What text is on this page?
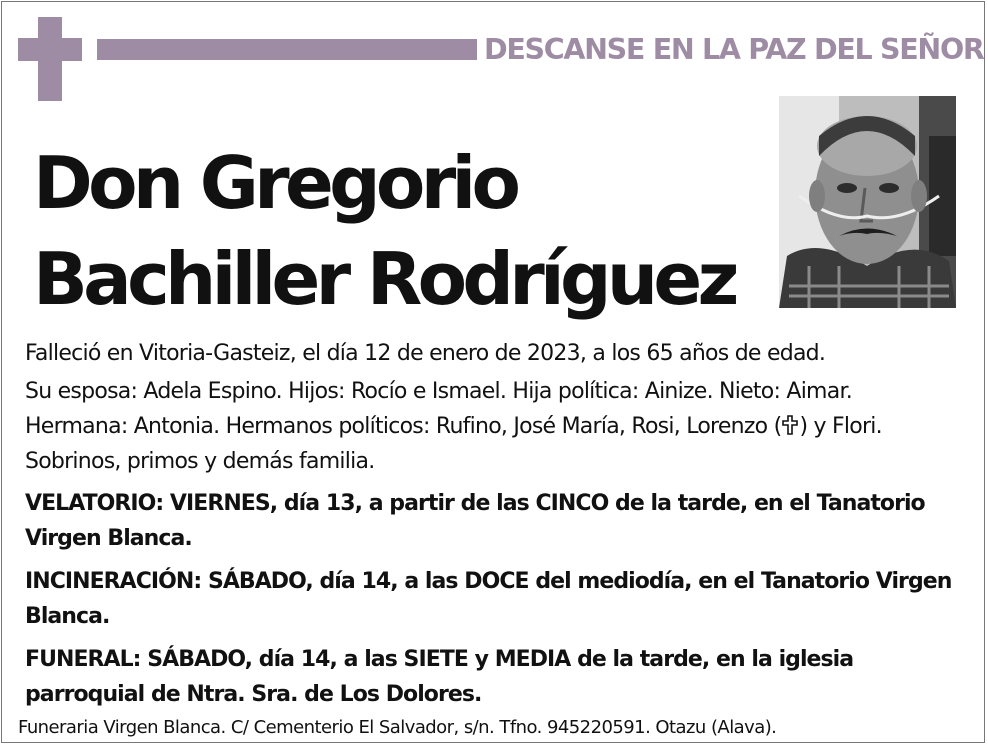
DESCANSE EN LA PAZ DEL SEÑOR
Don Gregorio
Bachiller Rodríguez

Falleció en Vitoria-Gasteiz, el día 12 de enero de 2023, a los 65 años de edad.

Su esposa: Adela Espino. Hijos: Rocío e Ismael. Hija política: Ainize. Nieto: Aimar.
Hermana: Antonia. Hermanos políticos: Rufino, José María, Rosi, Lorenzo ( ) y Flori.
Sobrinos, primos y demás familia.

VELATORIO: VIERNES, día 13, a partir de las CINCO de la tarde, en el Tanatorio Virgen Blanca.

INCINERACIÓN: SÁBADO, día 14, a las DOCE del mediodía, en el Tanatorio Virgen Blanca.

FUNERAL: SÁBADO, día 14, a las SIETE y MEDIA de la tarde, en la iglesia parroquial de Ntra. Sra. de Los Dolores.

Funeraria Virgen Blanca. C/ Cementerio El Salvador, s/n. Tfno. 945220591. Otazu (Alava).
